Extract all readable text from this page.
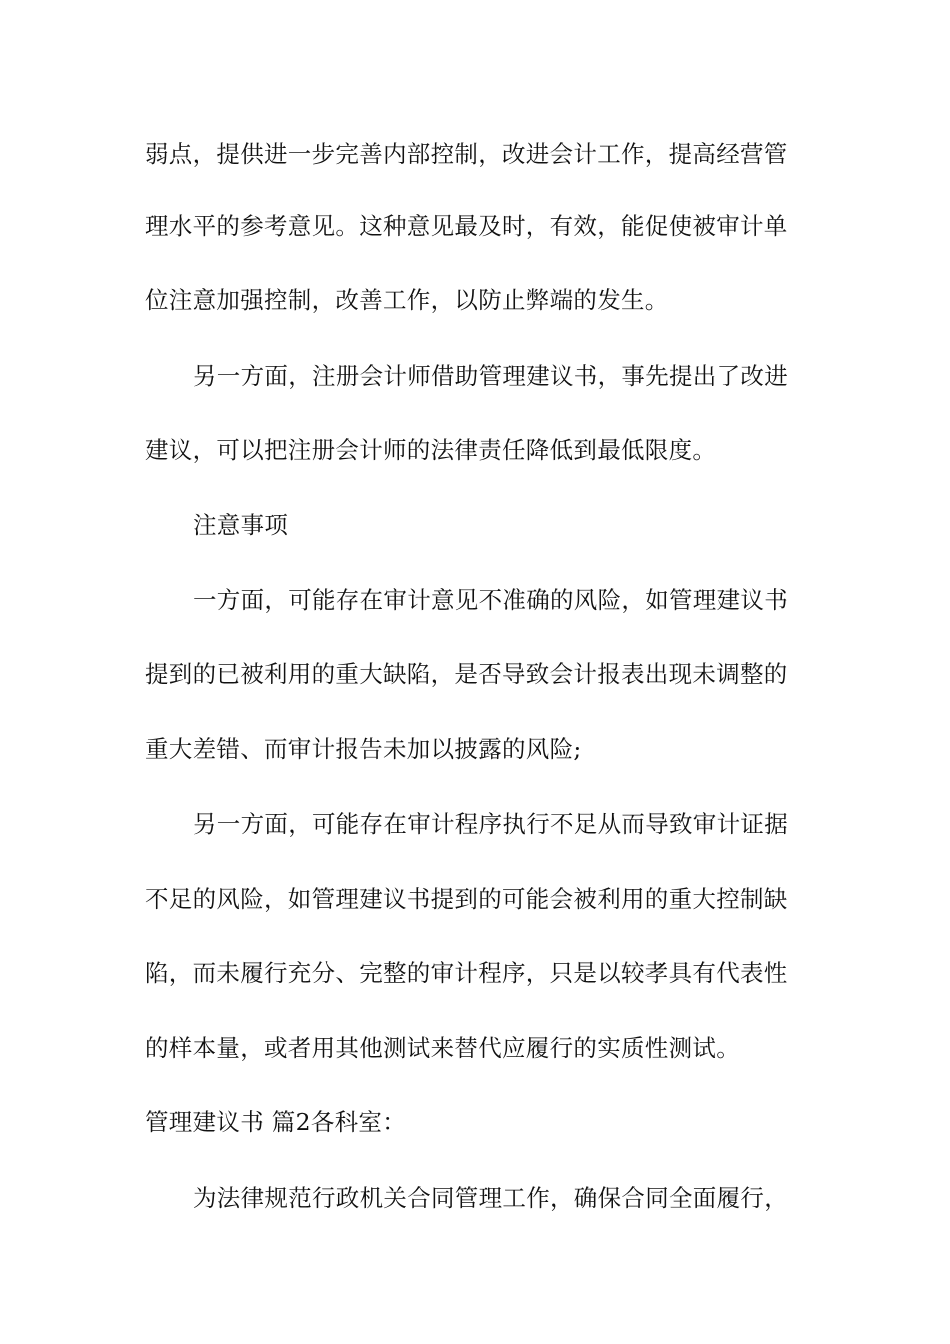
弱点，提供进一步完善内部控制，改进会计工作，提高经营管
理水平的参考意见。这种意见最及时，有效，能促使被审计单
位注意加强控制，改善工作，以防止弊端的发生。
另一方面，注册会计师借助管理建议书，事先提出了改进
建议，可以把注册会计师的法律责任降低到最低限度。
注意事项
一方面，可能存在审计意见不准确的风险，如管理建议书
提到的已被利用的重大缺陷，是否导致会计报表出现未调整的
重大差错、而审计报告未加以披露的风险;
另一方面，可能存在审计程序执行不足从而导致审计证据
不足的风险，如管理建议书提到的可能会被利用的重大控制缺
陷，而未履行充分、完整的审计程序，只是以较孝具有代表性
的样本量，或者用其他测试来替代应履行的实质性测试。
管理建议书 篇2各科室：
为法律规范行政机关合同管理工作，确保合同全面履行，
